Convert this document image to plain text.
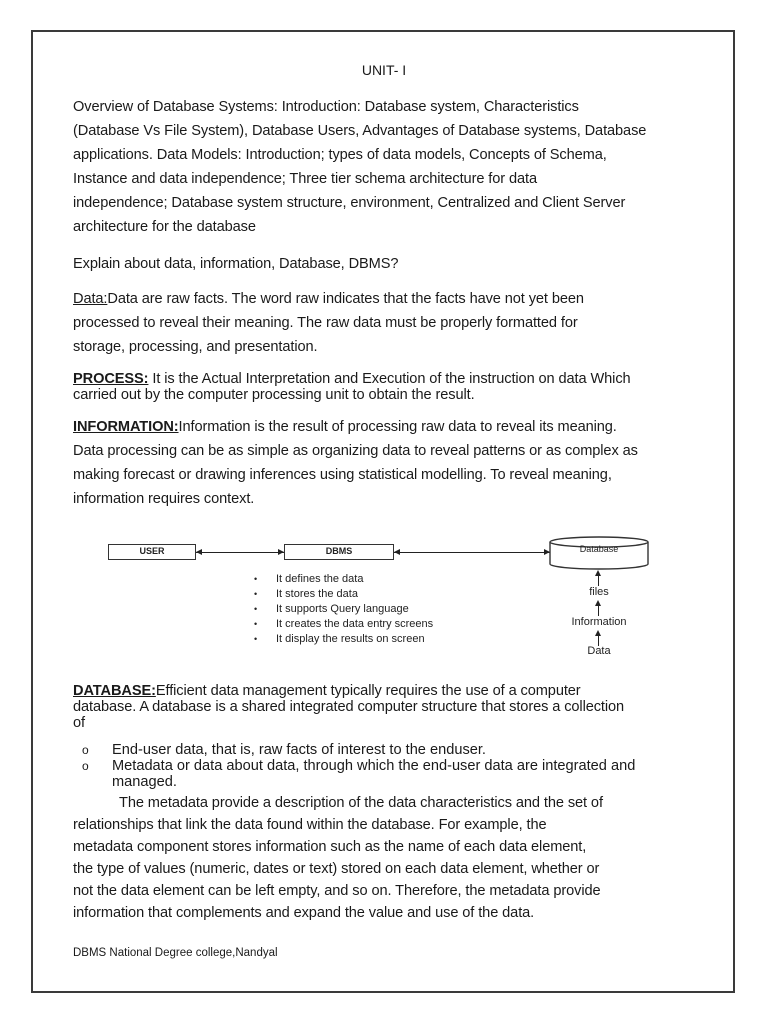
UNIT- I
Overview of Database Systems: Introduction: Database system, Characteristics
(Database Vs File System), Database Users, Advantages of Database systems, Database
applications. Data Models: Introduction; types of data models, Concepts of Schema,
Instance and data independence; Three tier schema architecture for data
independence; Database system structure, environment, Centralized and Client Server
architecture for the database
Explain about data, information, Database, DBMS?
Data:Data are raw facts. The word raw indicates that the facts have not yet been
processed to reveal their meaning. The raw data must be properly formatted for
storage, processing, and presentation.
PROCESS: It is the Actual Interpretation and Execution of the instruction on data Which
carried out by the computer processing unit to obtain the result.
INFORMATION:Information is the result of processing raw data to reveal its meaning.
Data processing can be as simple as organizing data to reveal patterns or as complex as
making forecast or drawing inferences using statistical modelling. To reveal meaning,
information requires context.
USER	DBMS	Database
•	It defines the data
•	It stores the data
•	It supports Query language
•	It creates the data entry screens
•	It display the results on screen
files
Information
Data
DATABASE:Efficient data management typically requires the use of a computer
database. A database is a shared integrated computer structure that stores a collection
of
o	End-user data, that is, raw facts of interest to the enduser.
o	Metadata or data about data, through which the end-user data are integrated and
managed.
The metadata provide a description of the data characteristics and the set of
relationships that link the data found within the database. For example, the
metadata component stores information such as the name of each data element,
the type of values (numeric, dates or text) stored on each data element, whether or
not the data element can be left empty, and so on. Therefore, the metadata provide
information that complements and expand the value and use of the data.
DBMS National Degree college,Nandyal
